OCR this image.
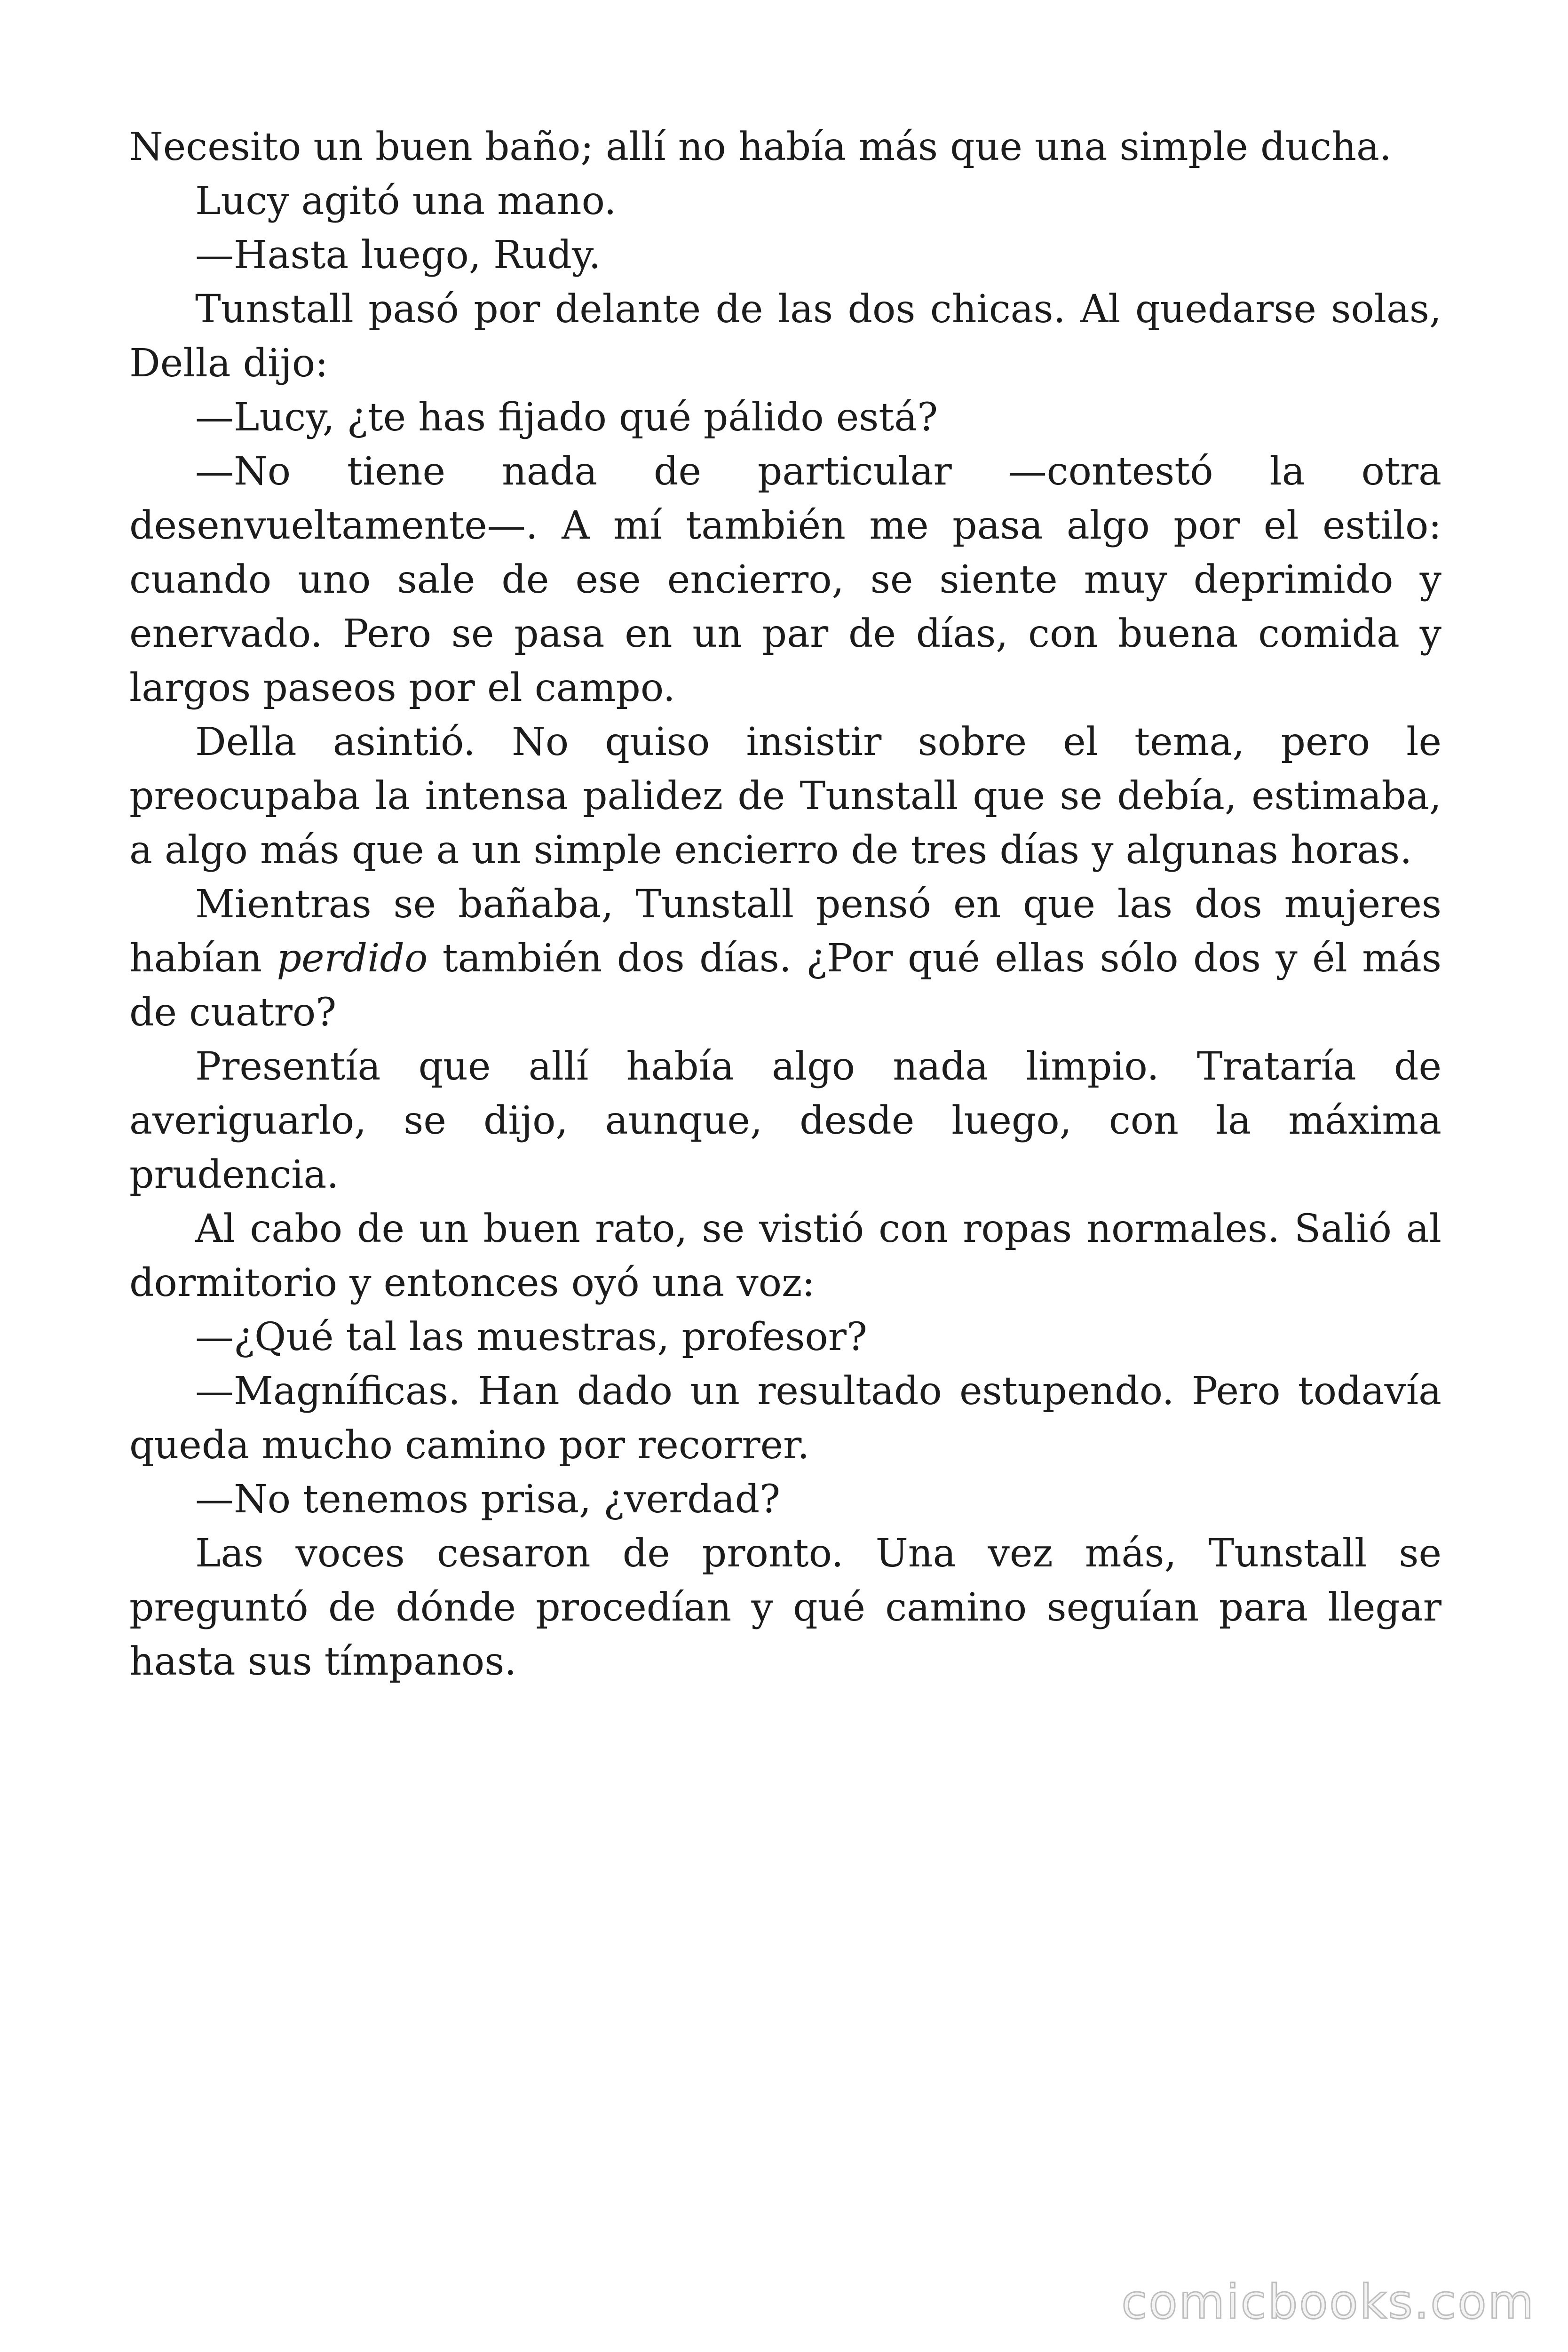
Necesito un buen baño; allí no había más que una simple ducha.

Lucy agitó una mano.

—Hasta luego, Rudy.

Tunstall pasó por delante de las dos chicas. Al quedarse solas, Della dijo:

—Lucy, ¿te has fijado qué pálido está?

—No tiene nada de particular —contestó la otra desenvueltamente—. A mí también me pasa algo por el estilo: cuando uno sale de ese encierro, se siente muy deprimido y enervado. Pero se pasa en un par de días, con buena comida y largos paseos por el campo.

Della asintió. No quiso insistir sobre el tema, pero le preocupaba la intensa palidez de Tunstall que se debía, estimaba, a algo más que a un simple encierro de tres días y algunas horas.

Mientras se bañaba, Tunstall pensó en que las dos mujeres habían perdido también dos días. ¿Por qué ellas sólo dos y él más de cuatro?

Presentía que allí había algo nada limpio. Trataría de averiguarlo, se dijo, aunque, desde luego, con la máxima prudencia.

Al cabo de un buen rato, se vistió con ropas normales. Salió al dormitorio y entonces oyó una voz:

—¿Qué tal las muestras, profesor?

—Magníficas. Han dado un resultado estupendo. Pero todavía queda mucho camino por recorrer.

—No tenemos prisa, ¿verdad?

Las voces cesaron de pronto. Una vez más, Tunstall se preguntó de dónde procedían y qué camino seguían para llegar hasta sus tímpanos.

comicbooks.com
